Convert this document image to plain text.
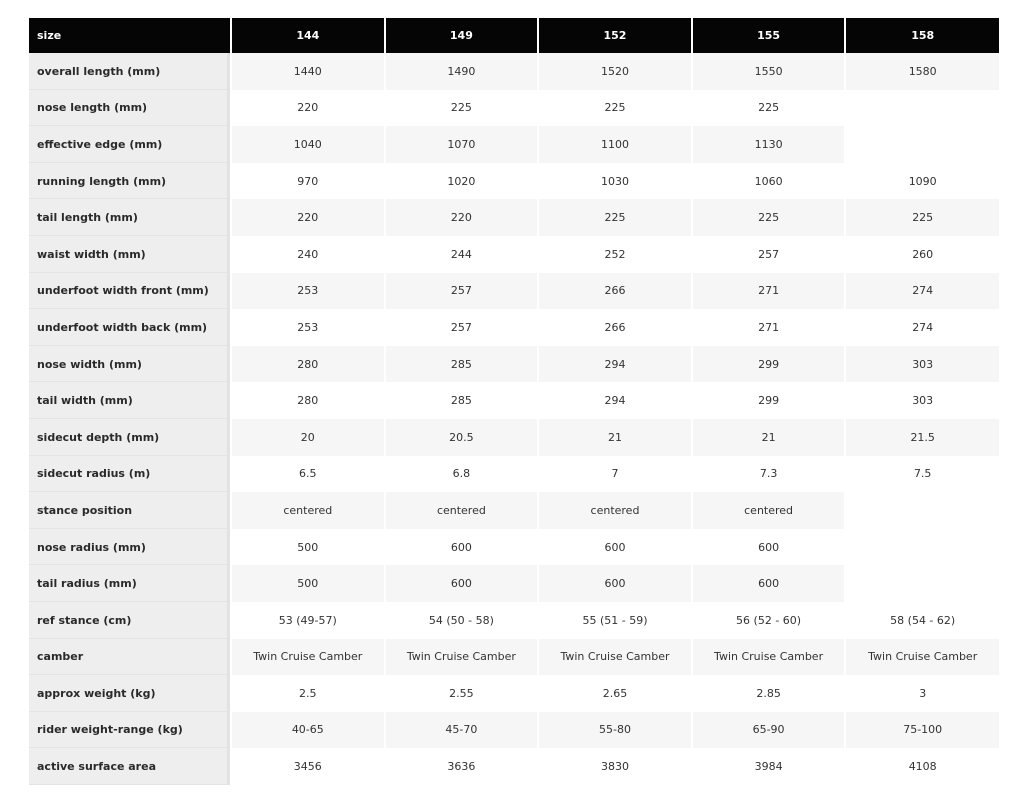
size	144	149	152	155	158
overall length (mm)	1440	1490	1520	1550	1580
nose length (mm)	220	225	225	225	
effective edge (mm)	1040	1070	1100	1130	
running length (mm)	970	1020	1030	1060	1090
tail length (mm)	220	220	225	225	225
waist width (mm)	240	244	252	257	260
underfoot width front (mm)	253	257	266	271	274
underfoot width back (mm)	253	257	266	271	274
nose width (mm)	280	285	294	299	303
tail width (mm)	280	285	294	299	303
sidecut depth (mm)	20	20.5	21	21	21.5
sidecut radius (m)	6.5	6.8	7	7.3	7.5
stance position	centered	centered	centered	centered	
nose radius (mm)	500	600	600	600	
tail radius (mm)	500	600	600	600	
ref stance (cm)	53 (49-57)	54 (50 - 58)	55 (51 - 59)	56 (52 - 60)	58 (54 - 62)
camber	Twin Cruise Camber	Twin Cruise Camber	Twin Cruise Camber	Twin Cruise Camber	Twin Cruise Camber
approx weight (kg)	2.5	2.55	2.65	2.85	3
rider weight-range (kg)	40-65	45-70	55-80	65-90	75-100
active surface area	3456	3636	3830	3984	4108
